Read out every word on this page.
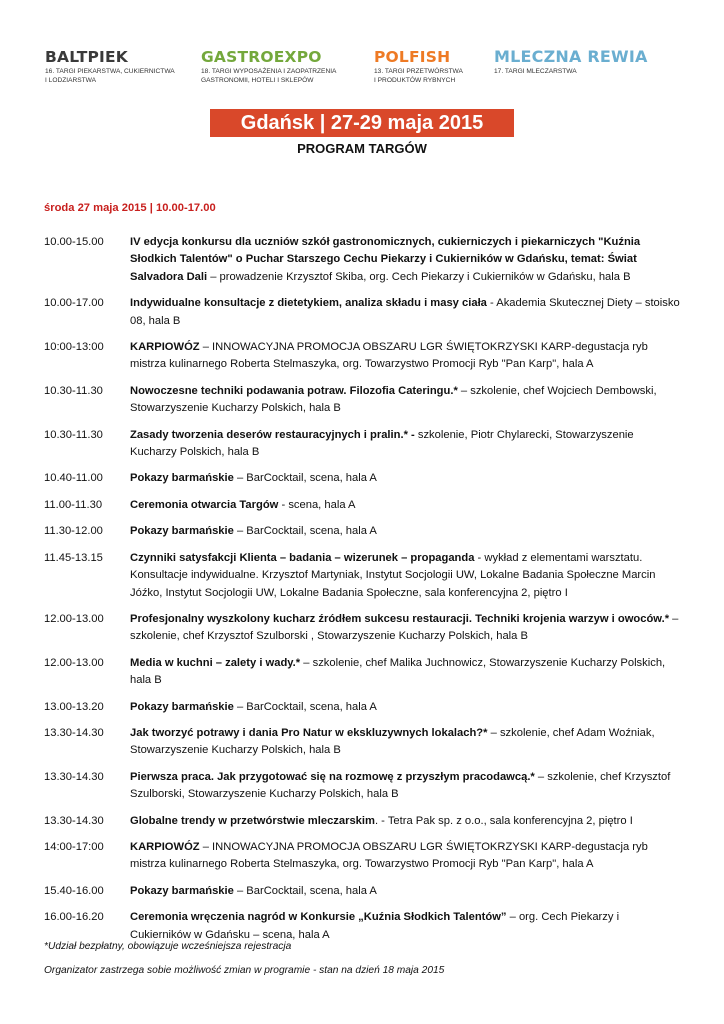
BALTPIEK
16. TARGI PIEKARSTWA, CUKIERNICTWA
I LODZIARSTWA
GASTROEXPO
18. TARGI WYPOSAŻENIA I ZAOPATRZENIA
GASTRONOMII, HOTELI I SKLEPÓW
POLFISH
13. TARGI PRZETWÓRSTWA
I PRODUKTÓW RYBNYCH
MLECZNA REWIA
17. TARGI MLECZARSTWA
Gdańsk | 27-29 maja 2015
PROGRAM TARGÓW
środa 27 maja 2015 | 10.00-17.00
10.00-15.00	IV edycja konkursu dla uczniów szkół gastronomicznych, cukierniczych i piekarniczych "Kuźnia Słodkich Talentów" o Puchar Starszego Cechu Piekarzy i Cukierników w Gdańsku, temat: Świat Salvadora Dali – prowadzenie Krzysztof Skiba, org. Cech Piekarzy i Cukierników w Gdańsku, hala B
10.00-17.00	Indywidualne konsultacje z dietetykiem, analiza składu i masy ciała - Akademia Skutecznej Diety – stoisko 08, hala B
10:00-13:00	KARPIOWÓZ – INNOWACYJNA PROMOCJA OBSZARU LGR ŚWIĘTOKRZYSKI KARP-degustacja ryb mistrza kulinarnego Roberta Stelmaszyka, org. Towarzystwo Promocji Ryb "Pan Karp", hala A
10.30-11.30	Nowoczesne techniki podawania potraw. Filozofia Cateringu.* – szkolenie, chef Wojciech Dembowski, Stowarzyszenie Kucharzy Polskich, hala B
10.30-11.30	Zasady tworzenia deserów restauracyjnych i pralin.* - szkolenie, Piotr Chylarecki, Stowarzyszenie Kucharzy Polskich, hala B
10.40-11.00	Pokazy barmańskie – BarCocktail, scena, hala A
11.00-11.30	Ceremonia otwarcia Targów - scena, hala A
11.30-12.00	Pokazy barmańskie – BarCocktail, scena, hala A
11.45-13.15	Czynniki satysfakcji Klienta – badania – wizerunek – propaganda - wykład z elementami warsztatu. Konsultacje indywidualne. Krzysztof Martyniak, Instytut Socjologii UW, Lokalne Badania Społeczne Marcin Jóźko, Instytut Socjologii UW, Lokalne Badania Społeczne, sala konferencyjna 2, piętro I
12.00-13.00	Profesjonalny wyszkolony kucharz źródłem sukcesu restauracji. Techniki krojenia warzyw i owoców.* – szkolenie, chef Krzysztof Szulborski , Stowarzyszenie Kucharzy Polskich, hala B
12.00-13.00	Media w kuchni – zalety i wady.* – szkolenie, chef Malika Juchnowicz, Stowarzyszenie Kucharzy Polskich, hala B
13.00-13.20	Pokazy barmańskie – BarCocktail, scena, hala A
13.30-14.30	Jak tworzyć potrawy i dania Pro Natur w ekskluzywnych lokalach?* – szkolenie, chef Adam Woźniak, Stowarzyszenie Kucharzy Polskich, hala B
13.30-14.30	Pierwsza praca. Jak przygotować się na rozmowę z przyszłym pracodawcą.* – szkolenie, chef Krzysztof Szulborski, Stowarzyszenie Kucharzy Polskich, hala B
13.30-14.30	Globalne trendy w przetwórstwie mleczarskim. - Tetra Pak sp. z o.o., sala konferencyjna 2, piętro I
14:00-17:00	KARPIOWÓZ – INNOWACYJNA PROMOCJA OBSZARU LGR ŚWIĘTOKRZYSKI KARP-degustacja ryb mistrza kulinarnego Roberta Stelmaszyka, org. Towarzystwo Promocji Ryb "Pan Karp", hala A
15.40-16.00	Pokazy barmańskie – BarCocktail, scena, hala A
16.00-16.20	Ceremonia wręczenia nagród w Konkursie „Kuźnia Słodkich Talentów” – org. Cech Piekarzy i Cukierników w Gdańsku – scena, hala A
*Udział bezpłatny, obowiązuje wcześniejsza rejestracja
Organizator zastrzega sobie możliwość zmian w programie - stan na dzień 18 maja 2015
